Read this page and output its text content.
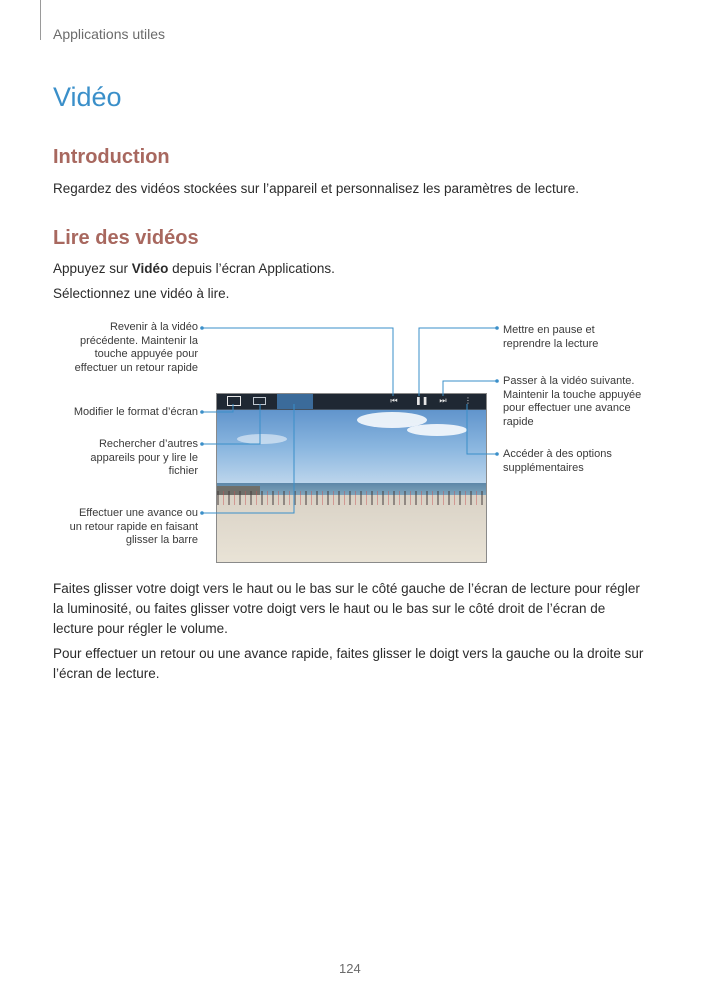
Applications utiles
Vidéo
Introduction
Regardez des vidéos stockées sur l’appareil et personnalisez les paramètres de lecture.
Lire des vidéos
Appuyez sur Vidéo depuis l’écran Applications.
Sélectionnez une vidéo à lire.
Revenir à la vidéo précédente. Maintenir la touche appuyée pour effectuer un retour rapide
Modifier le format d’écran
Rechercher d’autres appareils pour y lire le fichier
Effectuer une avance ou un retour rapide en faisant glisser la barre
Mettre en pause et reprendre la lecture
Passer à la vidéo suivante. Maintenir la touche appuyée pour effectuer une avance rapide
Accéder à des options supplémentaires
⏮ ❚❚ ⏭ ⋮
Faites glisser votre doigt vers le haut ou le bas sur le côté gauche de l’écran de lecture pour régler la luminosité, ou faites glisser votre doigt vers le haut ou le bas sur le côté droit de l’écran de lecture pour régler le volume.
Pour effectuer un retour ou une avance rapide, faites glisser le doigt vers la gauche ou la droite sur l’écran de lecture.
124
